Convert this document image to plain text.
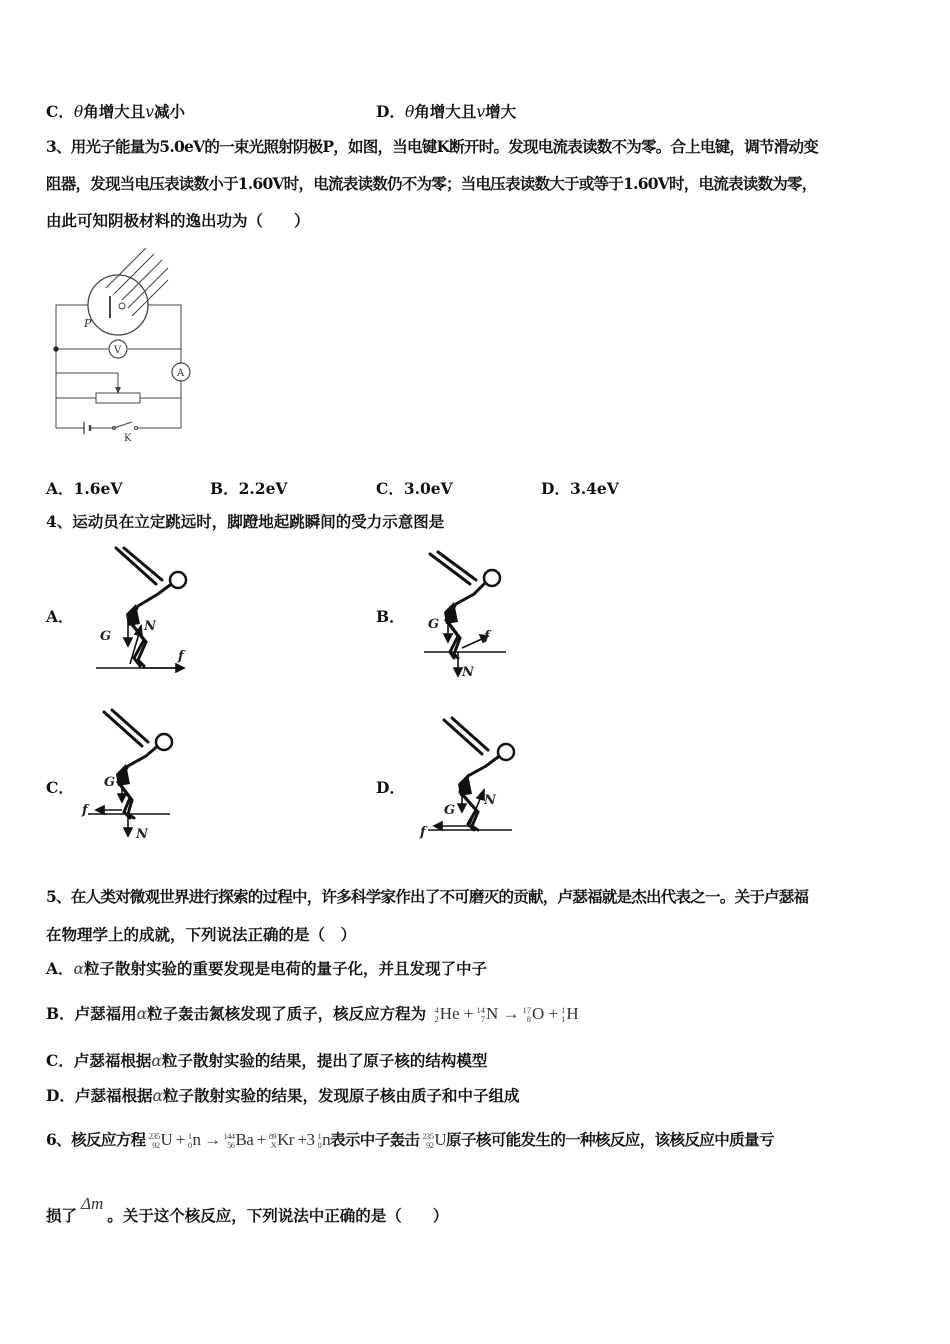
C．θ角增大且v减小	D．θ角增大且v增大
3、用光子能量为5.0eV的一束光照射阴极P，如图，当电键K断开时。发现电流表读数不为零。合上电键，调节滑动变
阻器，发现当电压表读数小于1.60V时，电流表读数仍不为零；当电压表读数大于或等于1.60V时，电流表读数为零，
由此可知阴极材料的逸出功为（　　）
P
V
A
K
A．1.6eV	B．2.2eV	C．3.0eV	D．3.4eV
4、运动员在立定跳远时，脚蹬地起跳瞬间的受力示意图是
A．	B．
C．	D．
G
N
f
G
N
f
G
N
f	G
N
f
5、在人类对微观世界进行探索的过程中，许多科学家作出了不可磨灭的贡献，卢瑟福就是杰出代表之一。关于卢瑟福
在物理学上的成就，下列说法正确的是（　）
A．α粒子散射实验的重要发现是电荷的量子化，并且发现了中子
B．卢瑟福用α粒子轰击氮核发现了质子，核反应方程为 4
2 He + 14
7 N → 17
8 O + 1
1 H
C．卢瑟福根据α粒子散射实验的结果，提出了原子核的结构模型
D．卢瑟福根据α粒子散射实验的结果，发现原子核由质子和中子组成
6、核反应方程 235
92 U + 1
0 n → 144
56 Ba + 89
X Kr +3 1
0 n表示中子轰击 235
92 U原子核可能发生的一种核反应，该核反应中质量亏
损了Δm。关于这个核反应，下列说法中正确的是（　　）
